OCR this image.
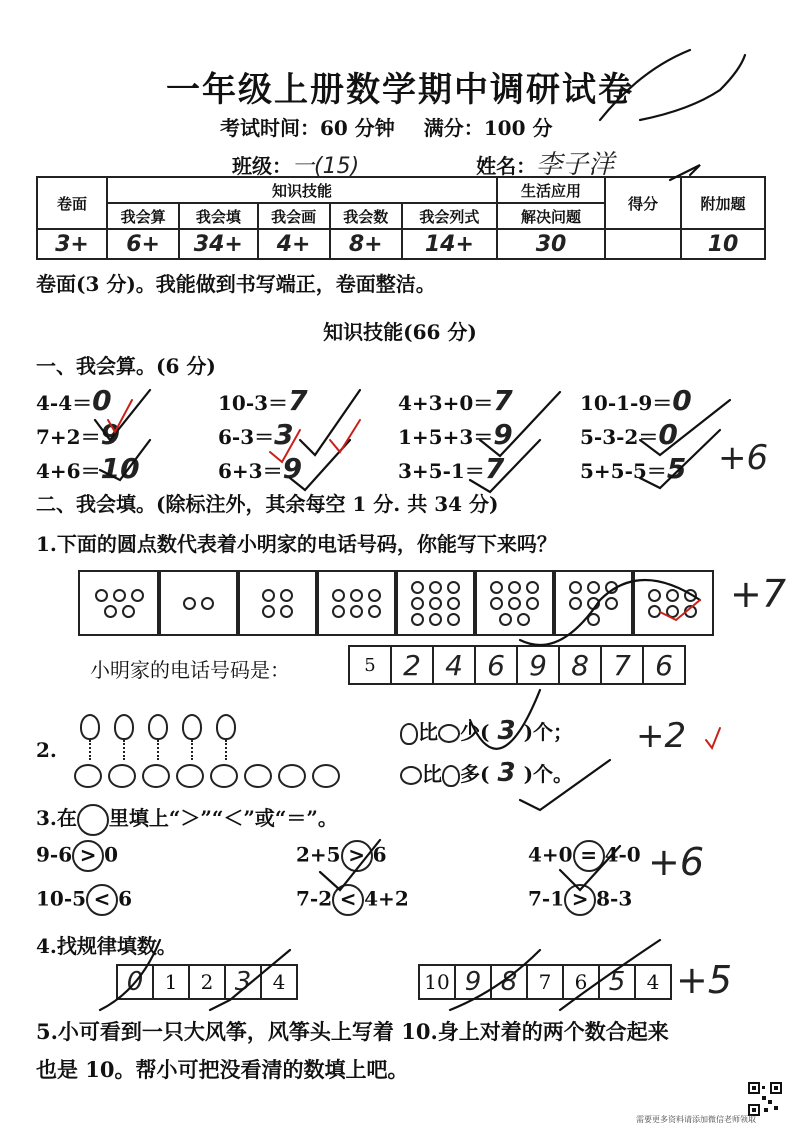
一年级上册数学期中调研试卷
考试时间：60 分钟 满分：100 分
班级：一(15)	姓名：李子洋
卷面	知识技能					生活应用	得分	附加题
	我会算	我会填	我会画	我会数	我会列式	解决问题		
3+	6+	34+	4+	8+	14+	30		10
卷面(3 分)。我能做到书写端正，卷面整洁。
知识技能(66 分)
一、我会算。(6 分)
4-4＝0	10-3＝7	4+3+0＝7	10-1-9＝0
7+2＝9	6-3＝3	1+5+3＝9	5-3-2＝0
4+6＝10	6+3＝9	3+5-1＝7	5+5-5＝5 +6
二、我会填。(除标注外，其余每空 1 分. 共 34 分)
1.下面的圆点数代表着小明家的电话号码，你能写下来吗？
+7
小明家的电话号码是：	5 2 4 6 9 8 7 6
2.
比 少( 3 )个；
比 多( 3 )个。
+2
3.在 里填上“＞”“＜”或“＝”。
9-6 > 0	2+5 > 6	4+0 = 4-0
10-5 < 6	7-2 < 4+2	7-1 > 8-3
+6
4.找规律填数。
0 1 2 3 4	10 9 8 7 6 5 4 +5
5.小可看到一只大风筝，风筝头上写着 10.身上对着的两个数合起来
也是 10。帮小可把没看清的数填上吧。
需要更多资料请添加微信老师领取
